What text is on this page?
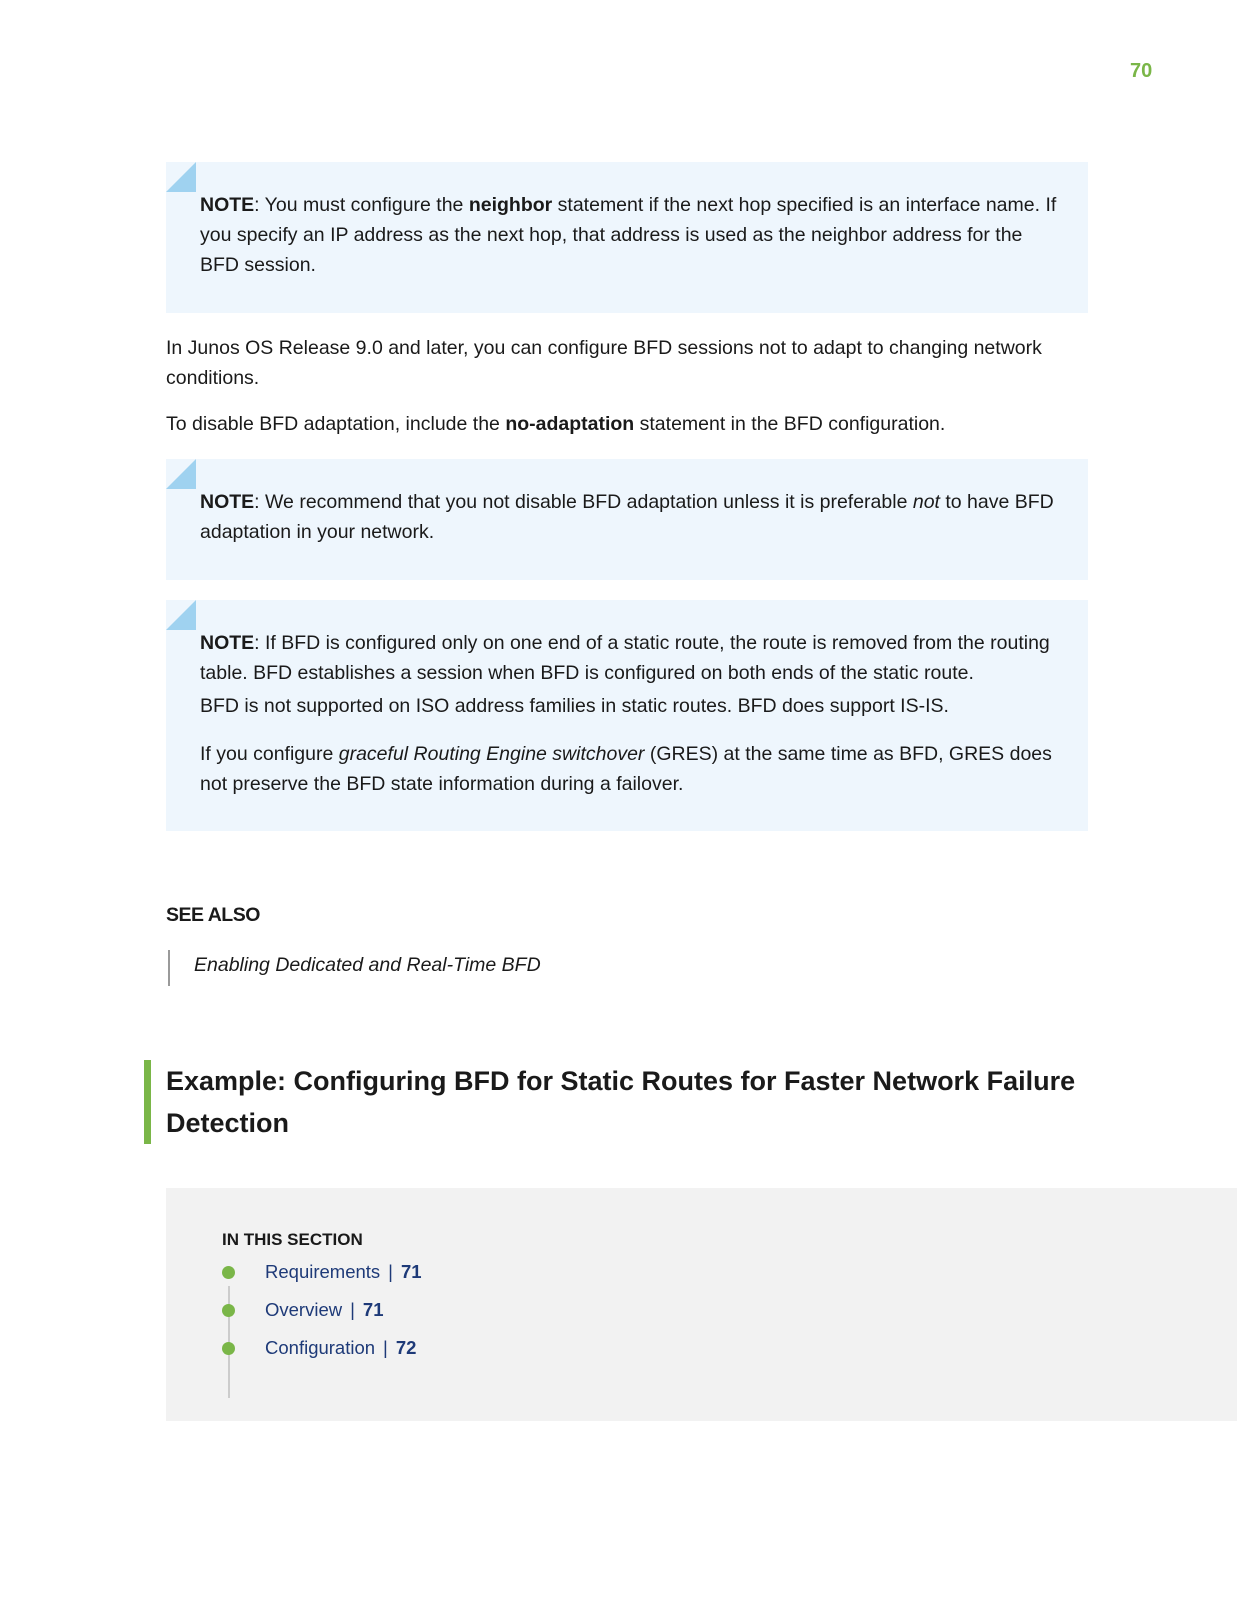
70

NOTE: You must configure the neighbor statement if the next hop specified is an interface name. If you specify an IP address as the next hop, that address is used as the neighbor address for the BFD session.

In Junos OS Release 9.0 and later, you can configure BFD sessions not to adapt to changing network conditions.

To disable BFD adaptation, include the no-adaptation statement in the BFD configuration.

NOTE: We recommend that you not disable BFD adaptation unless it is preferable not to have BFD adaptation in your network.

NOTE: If BFD is configured only on one end of a static route, the route is removed from the routing table. BFD establishes a session when BFD is configured on both ends of the static route.

BFD is not supported on ISO address families in static routes. BFD does support IS-IS.

If you configure graceful Routing Engine switchover (GRES) at the same time as BFD, GRES does not preserve the BFD state information during a failover.

SEE ALSO
Enabling Dedicated and Real-Time BFD
Example: Configuring BFD for Static Routes for Faster Network Failure Detection
IN THIS SECTION
Requirements | 71
Overview | 71
Configuration | 72
